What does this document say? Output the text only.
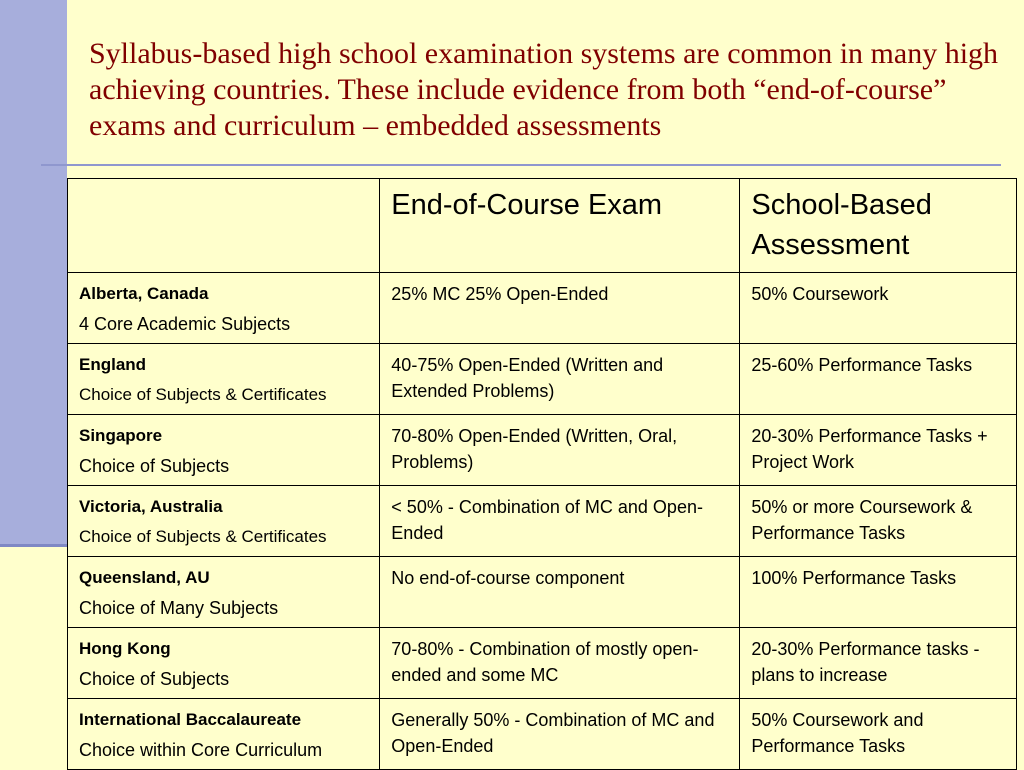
Syllabus-based high school examination systems are common in many high achieving countries. These include evidence from both “end-of-course” exams and curriculum – embedded assessments
	End-of-Course Exam	School-Based Assessment

Alberta, Canada
4 Core Academic Subjects	25% MC 25% Open-Ended	50% Coursework

England
Choice of Subjects & Certificates	40-75% Open-Ended (Written and Extended Problems)	25-60% Performance Tasks

Singapore
Choice of Subjects	70-80% Open-Ended (Written, Oral, Problems)	20-30% Performance Tasks + Project Work

Victoria, Australia
Choice of Subjects & Certificates	< 50% - Combination of MC and Open-Ended	50% or more Coursework & Performance Tasks

Queensland, AU
Choice of Many Subjects	No end-of-course component	100% Performance Tasks

Hong Kong
Choice of Subjects	70-80% - Combination of mostly open-ended and some MC	20-30% Performance tasks - plans to increase

International Baccalaureate
Choice within Core Curriculum	Generally 50% - Combination of MC and Open-Ended	50% Coursework and Performance Tasks
